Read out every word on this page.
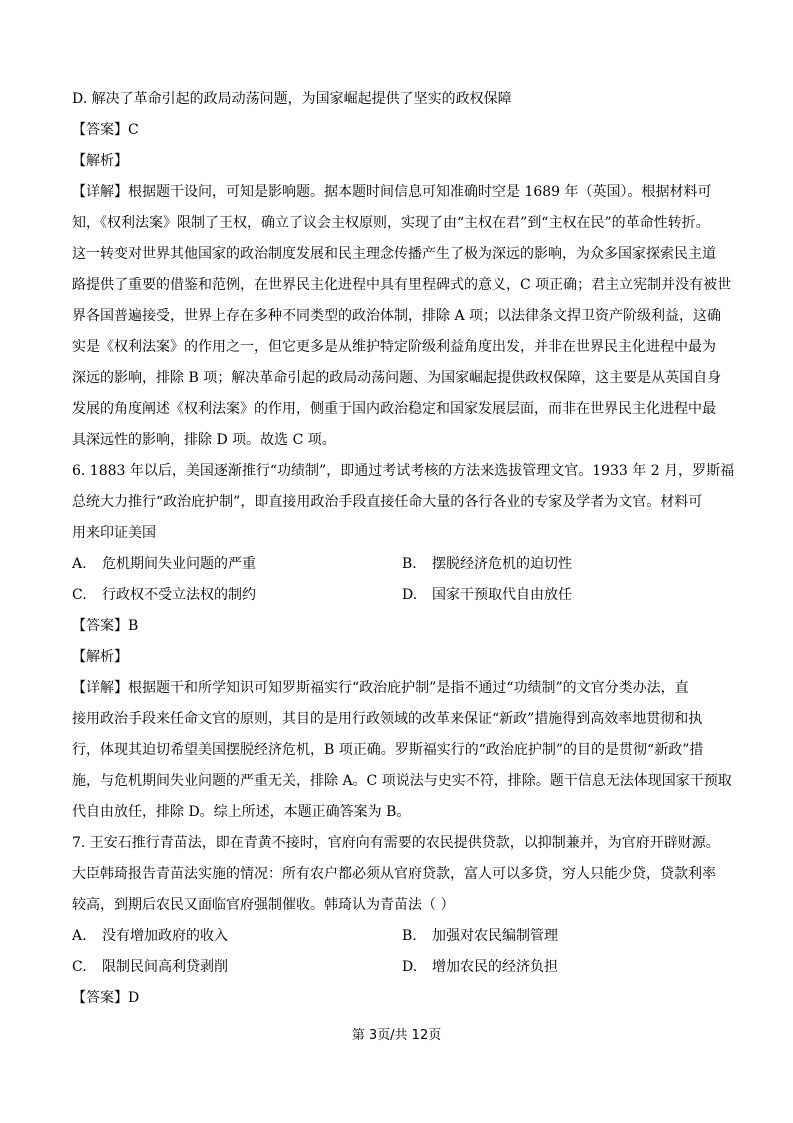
D. 解决了革命引起的政局动荡问题，为国家崛起提供了坚实的政权保障
【答案】C
【解析】
【详解】根据题干设问，可知是影响题。据本题时间信息可知准确时空是 1689 年（英国）。根据材料可
知，《权利法案》限制了王权，确立了议会主权原则，实现了由“主权在君”到“主权在民”的革命性转折。
这一转变对世界其他国家的政治制度发展和民主理念传播产生了极为深远的影响，为众多国家探索民主道
路提供了重要的借鉴和范例，在世界民主化进程中具有里程碑式的意义，C 项正确；君主立宪制并没有被世
界各国普遍接受，世界上存在多种不同类型的政治体制，排除 A 项；以法律条文捍卫资产阶级利益，这确
实是《权利法案》的作用之一，但它更多是从维护特定阶级利益角度出发，并非在世界民主化进程中最为
深远的影响，排除 B 项；解决革命引起的政局动荡问题、为国家崛起提供政权保障，这主要是从英国自身
发展的角度阐述《权利法案》的作用，侧重于国内政治稳定和国家发展层面，而非在世界民主化进程中最
具深远性的影响，排除 D 项。故选 C 项。
6. 1883 年以后，美国逐渐推行“功绩制”，即通过考试考核的方法来选拔管理文官。1933 年 2 月，罗斯福
总统大力推行“政治庇护制”，即直接用政治手段直接任命大量的各行各业的专家及学者为文官。材料可
用来印证美国
A. 危机期间失业问题的严重	B. 摆脱经济危机的迫切性
C. 行政权不受立法权的制约	D. 国家干预取代自由放任
【答案】B
【解析】
【详解】根据题干和所学知识可知罗斯福实行“政治庇护制”是指不通过“功绩制”的文官分类办法，直
接用政治手段来任命文官的原则，其目的是用行政领域的改革来保证“新政”措施得到高效率地贯彻和执
行，体现其迫切希望美国摆脱经济危机，B 项正确。罗斯福实行的“政治庇护制”的目的是贯彻“新政”措
施，与危机期间失业问题的严重无关，排除 A。C 项说法与史实不符，排除。题干信息无法体现国家干预取
代自由放任，排除 D。综上所述，本题正确答案为 B。
7. 王安石推行青苗法，即在青黄不接时，官府向有需要的农民提供贷款，以抑制兼并，为官府开辟财源。
大臣韩琦报告青苗法实施的情况：所有农户都必须从官府贷款，富人可以多贷，穷人只能少贷，贷款利率
较高，到期后农民又面临官府强制催收。韩琦认为青苗法（ ）
A. 没有增加政府的收入	B. 加强对农民编制管理
C. 限制民间高利贷剥削	D. 增加农民的经济负担
【答案】D
第 3页/共 12页
